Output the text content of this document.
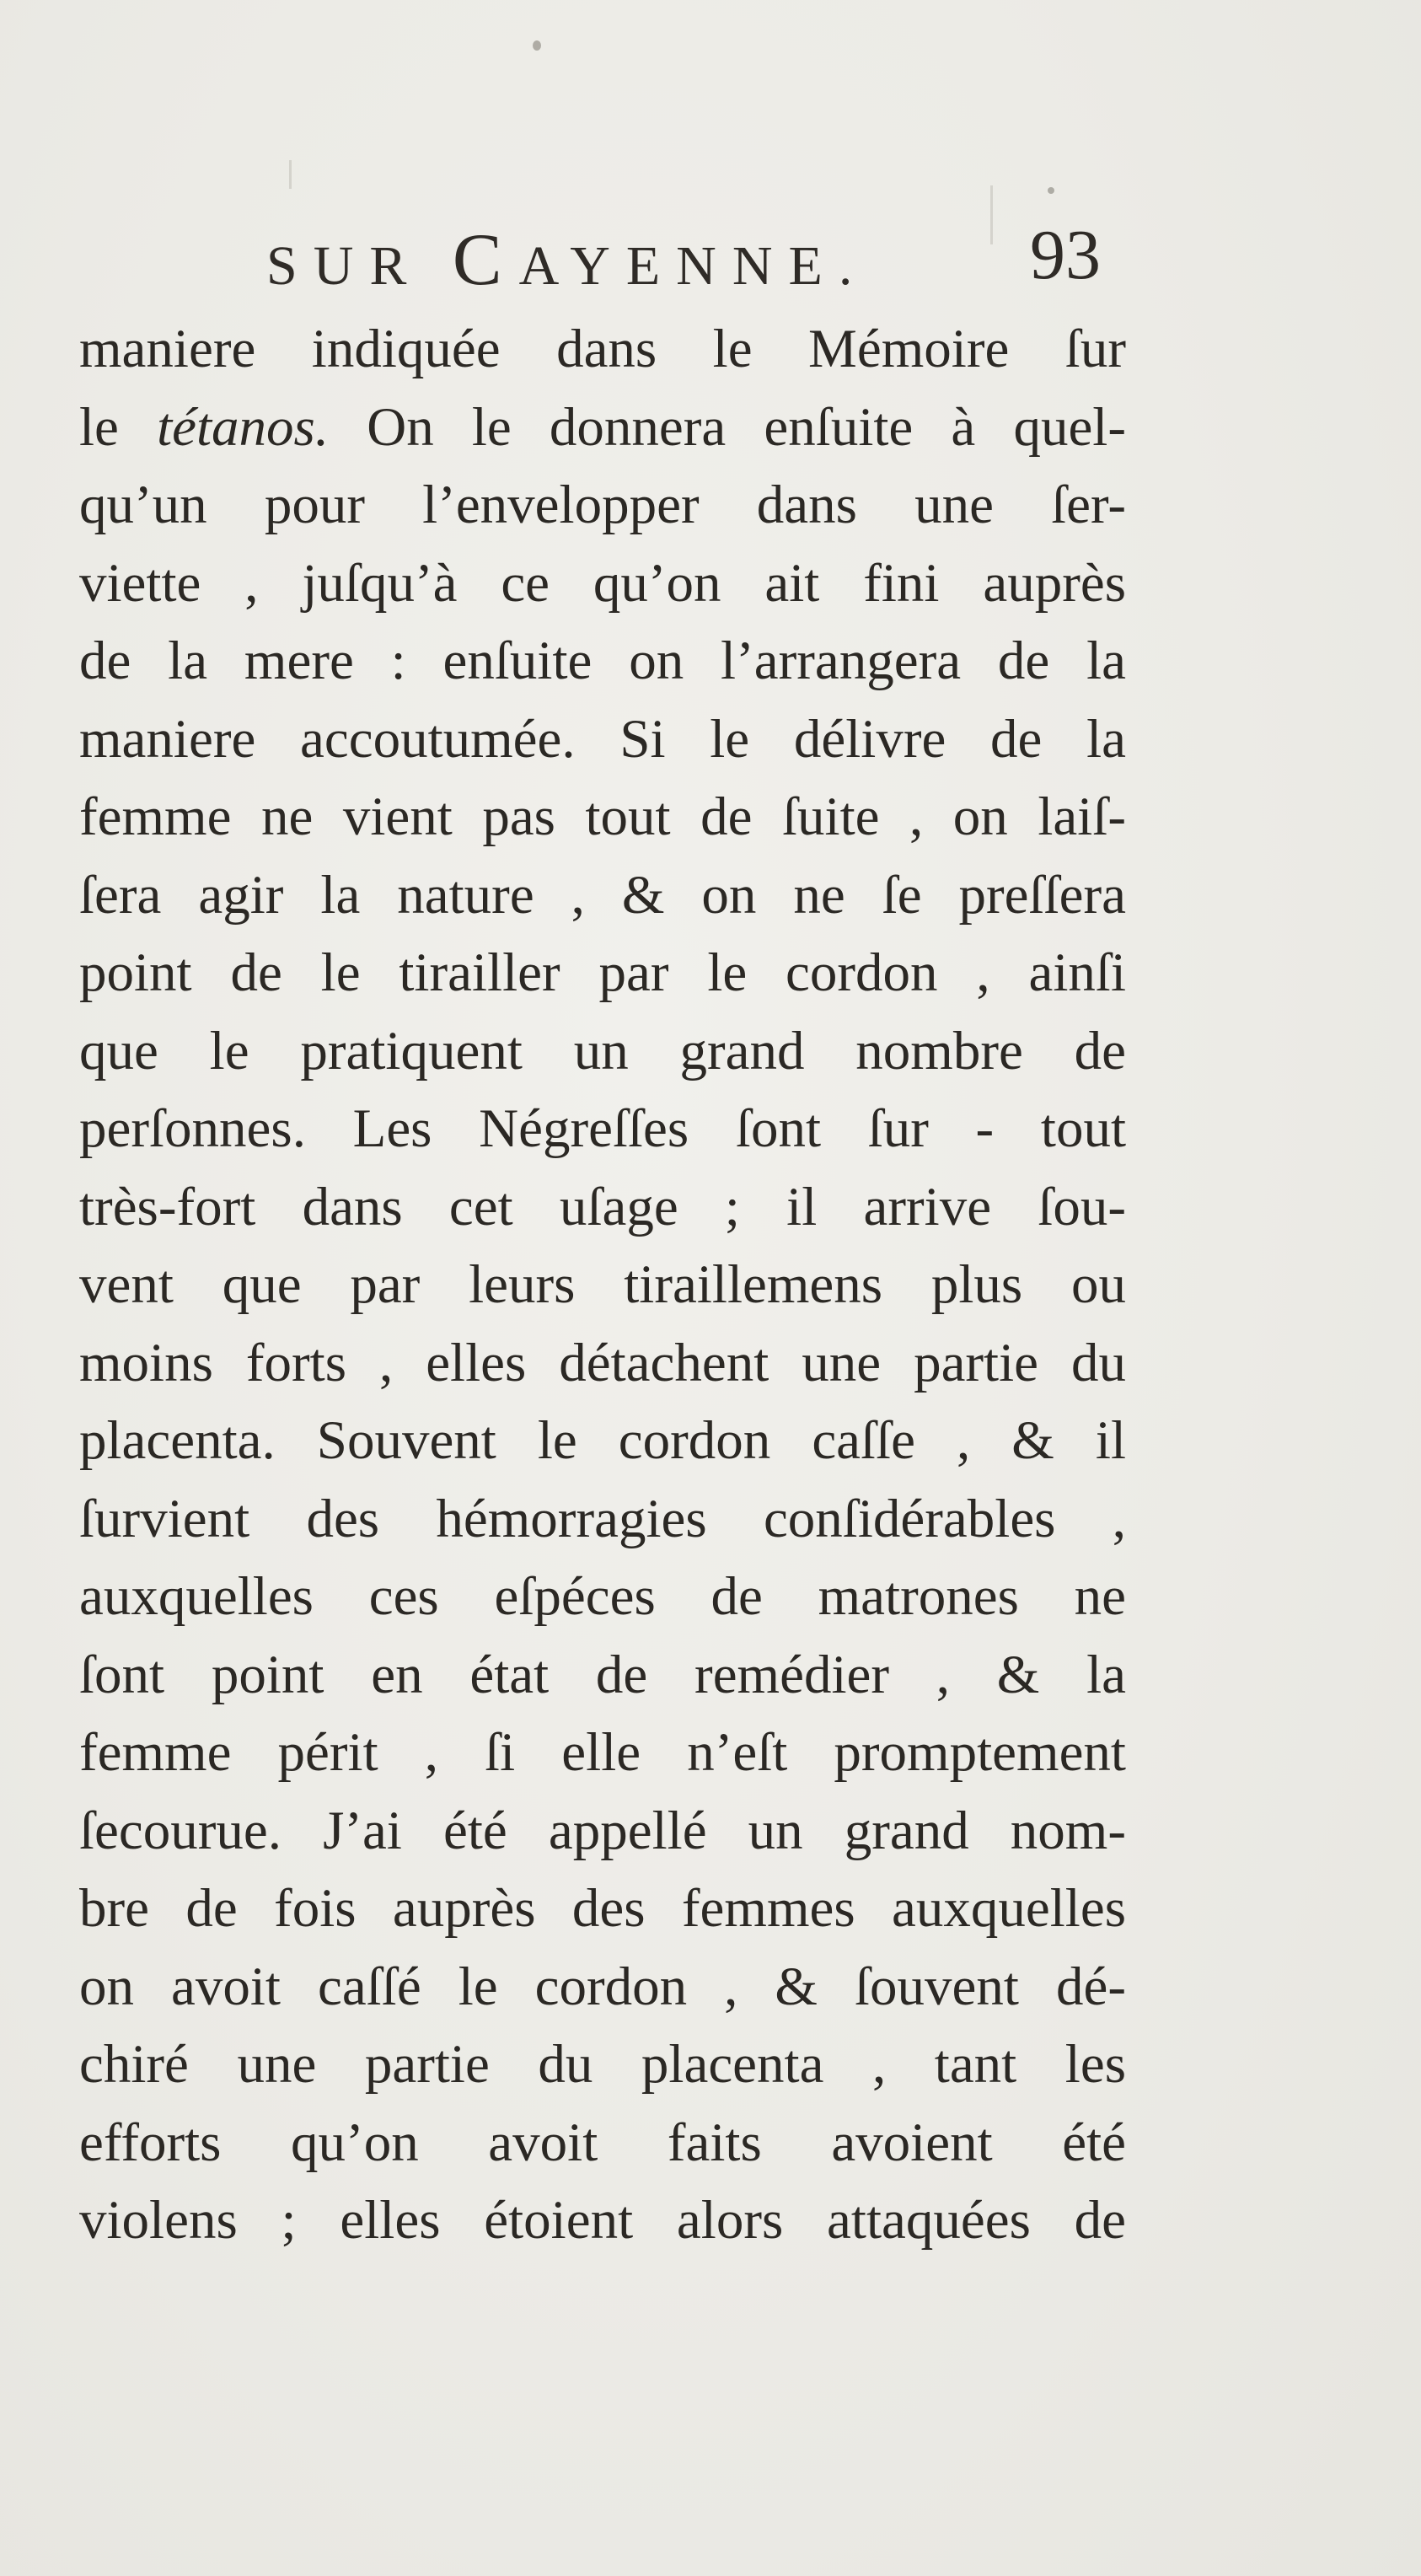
SUR CAYENNE. 93
maniere indiquée dans le Mémoire ſur
le tétanos. On le donnera enſuite à quel-
qu’un pour l’envelopper dans une ſer-
viette , juſqu’à ce qu’on ait fini auprès
de la mere : enſuite on l’arrangera de la
maniere accoutumée. Si le délivre de la
femme ne vient pas tout de ſuite , on laiſ-
ſera agir la nature , & on ne ſe preſſera
point de le tirailler par le cordon , ainſi
que le pratiquent un grand nombre de
perſonnes. Les Négreſſes ſont ſur - tout
très-fort dans cet uſage ; il arrive ſou-
vent que par leurs tiraillemens plus ou
moins forts , elles détachent une partie du
placenta. Souvent le cordon caſſe , & il
ſurvient des hémorragies conſidérables ,
auxquelles ces eſpéces de matrones ne
ſont point en état de remédier , & la
femme périt , ſi elle n’eſt promptement
ſecourue. J’ai été appellé un grand nom-
bre de fois auprès des femmes auxquelles
on avoit caſſé le cordon , & ſouvent dé-
chiré une partie du placenta , tant les
efforts qu’on avoit faits avoient été
violens ; elles étoient alors attaquées de
